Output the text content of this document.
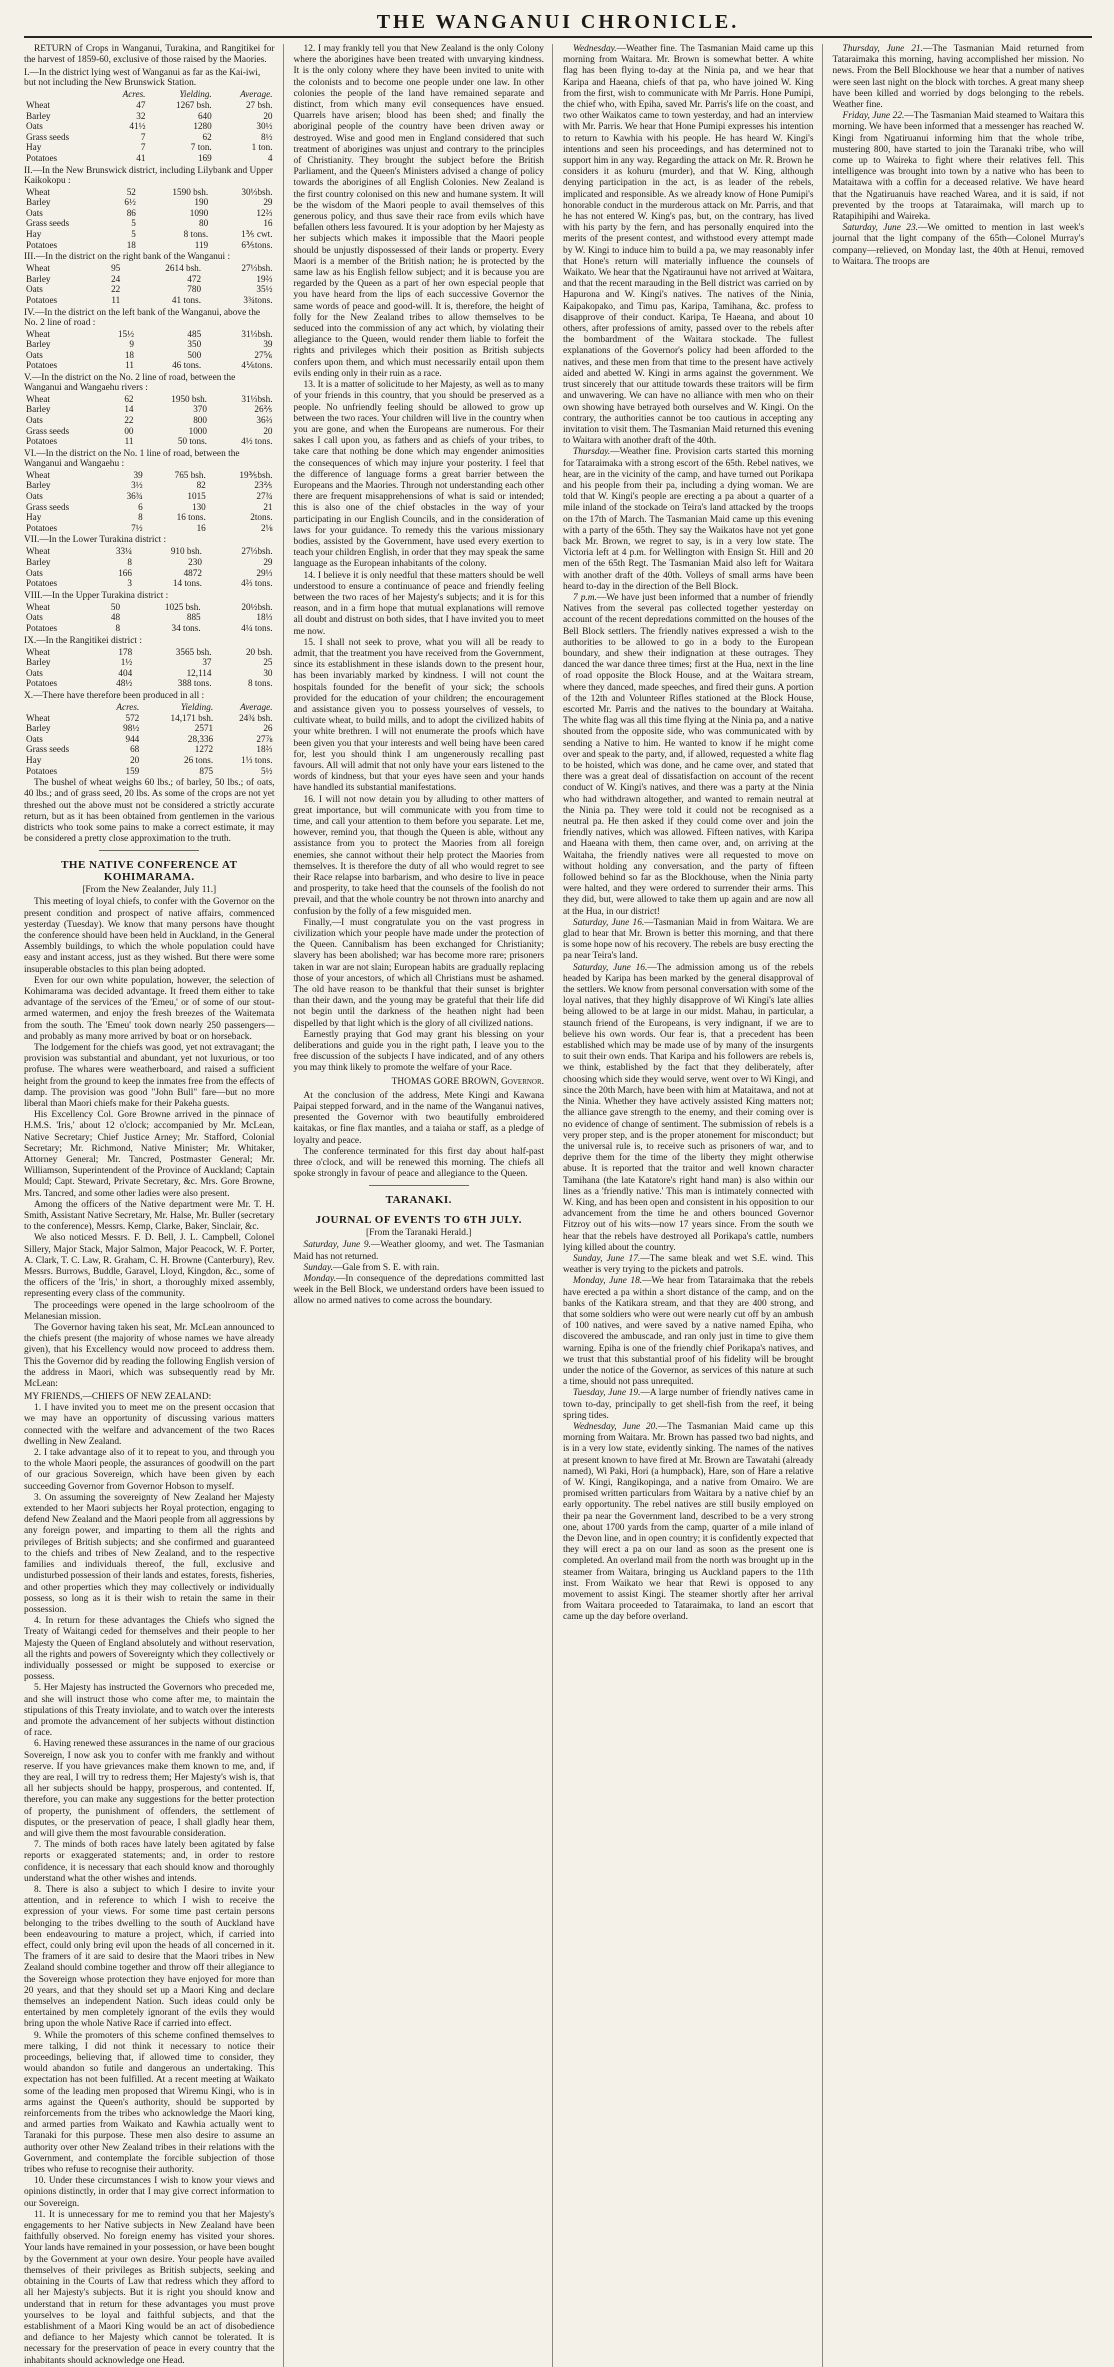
THE WANGANUI CHRONICLE.

RETURN of Crops in Wanganui, Turakina, and Rangitikei for the harvest of 1859-60, exclusive of those raised by the Maories.

I.—In the district lying west of Wanganui as far as the Kai-iwi, but not including the New Brunswick Station.
	Acres.	Yielding.	Average.
Wheat	47	1267 bsh.	27 bsh.
Barley	32	640	20
Oats	41½	1280	30½
Grass seeds	7	62	8½
Hay	7	7 ton.	1 ton.
Potatoes	41	169	4
II.—In the New Brunswick district, including Lilybank and Upper Kaikokopu :
Wheat	52	1590 bsh.	30⅓bsh.
Barley	6½	190	29
Oats	86	1090	12⅔
Grass seeds	5	80	16
Hay	5	8 tons.	1⅗ cwt.
Potatoes	18	119	6⅗tons.
III.—In the district on the right bank of the Wanganui :
Wheat	95	2614 bsh.	27⅓bsh.
Barley	24	472	19⅔
Oats	22	780	35½
Potatoes	11	41 tons.	3¾tons.
IV.—In the district on the left bank of the Wanganui, above the No. 2 line of road :
Wheat	15½	485	31⅓bsh.
Barley	9	350	39
Oats	18	500	27⅚
Potatoes	11	46 tons.	4⅙tons.
V.—In the district on the No. 2 line of road, between the Wanganui and Wangaehu rivers :
Wheat	62	1950 bsh.	31⅓bsh.
Barley	14	370	26⅖
Oats	22	800	36⅔
Grass seeds	00	1000	20
Potatoes	11	50 tons.	4½ tons.
VI.—In the district on the No. 1 line of road, between the Wanganui and Wangaehu :
Wheat	39	765 bsh.	19⅗bsh.
Barley	3½	82	23⅖
Oats	36¾	1015	27¾
Grass seeds	6	130	21
Hay	8	16 tons.	2tons.
Potatoes	7½	16	2⅛
VII.—In the Lower Turakina district :
Wheat	33¼	910 bsh.	27⅓bsh.
Barley	8	230	29
Oats	166	4872	29⅓
Potatoes	3	14 tons.	4⅔ tons.
VIII.—In the Upper Turakina district :
Wheat	50	1025 bsh.	20½bsh.
Oats	48	885	18⅓
Potatoes	8	34 tons.	4¼ tons.
IX.—In the Rangitikei district :
Wheat	178	3565 bsh.	20 bsh.
Barley	1½	37	25
Oats	404	12,114	30
Potatoes	48½	388 tons.	8 tons.
X.—There have therefore been produced in all :
	Acres.	Yielding.	Average.
Wheat	572	14,171 bsh.	24¾ bsh.
Barley	98½	2571	26
Oats	944	28,336	27⅞
Grass seeds	68	1272	18⅔
Hay	20	26 tons.	1⅓ tons.
Potatoes	159	875	5½

The bushel of wheat weighs 60 lbs.; of barley, 50 lbs.; of oats, 40 lbs.; and of grass seed, 20 lbs. As some of the crops are not yet threshed out the above must not be considered a strictly accurate return, but as it has been obtained from gentlemen in the various districts who took some pains to make a correct estimate, it may be considered a pretty close approximation to the truth.

THE NATIVE CONFERENCE AT KOHIMARAMA.
[From the New Zealander, July 11.]

This meeting of loyal chiefs, to confer with the Governor on the present condition and prospect of native affairs, commenced yesterday (Tuesday). We know that many persons have thought the conference should have been held in Auckland, in the General Assembly buildings, to which the whole population could have easy and instant access, just as they wished. But there were some insuperable obstacles to this plan being adopted.

Even for our own white population, however, the selection of Kohimarama was decided advantage. It freed them either to take advantage of the services of the 'Emeu,' or of some of our stout-armed watermen, and enjoy the fresh breezes of the Waitemata from the south. The 'Emeu' took down nearly 250 passengers—and probably as many more arrived by boat or on horseback.

The lodgement for the chiefs was good, yet not extravagant; the provision was substantial and abundant, yet not luxurious, or too profuse. The whares were weatherboard, and raised a sufficient height from the ground to keep the inmates free from the effects of damp. The provision was good "John Bull" fare—but no more liberal than Maori chiefs make for their Pakeha guests.

His Excellency Col. Gore Browne arrived in the pinnace of H.M.S. 'Iris,' about 12 o'clock; accompanied by Mr. McLean, Native Secretary; Chief Justice Arney; Mr. Stafford, Colonial Secretary; Mr. Richmond, Native Minister; Mr. Whitaker, Attorney General; Mr. Tancred, Postmaster General; Mr. Williamson, Superintendent of the Province of Auckland; Captain Mould; Capt. Steward, Private Secretary, &c. Mrs. Gore Browne, Mrs. Tancred, and some other ladies were also present.

Among the officers of the Native department were Mr. T. H. Smith, Assistant Native Secretary, Mr. Halse, Mr. Buller (secretary to the conference), Messrs. Kemp, Clarke, Baker, Sinclair, &c.

We also noticed Messrs. F. D. Bell, J. L. Campbell, Colonel Sillery, Major Stack, Major Salmon, Major Peacock, W. F. Porter, A. Clark, T. C. Law, R. Graham, C. H. Browne (Canterbury), Rev. Messrs. Burrows, Buddle, Garavel, Lloyd, Kingdon, &c., some of the officers of the 'Iris,' in short, a thoroughly mixed assembly, representing every class of the community.

The proceedings were opened in the large schoolroom of the Melanesian mission.

The Governor having taken his seat, Mr. McLean announced to the chiefs present (the majority of whose names we have already given), that his Excellency would now proceed to address them. This the Governor did by reading the following English version of the address in Maori, which was subsequently read by Mr. McLean:

MY FRIENDS,—CHIEFS OF NEW ZEALAND:

1. I have invited you to meet me on the present occasion that we may have an opportunity of discussing various matters connected with the welfare and advancement of the two Races dwelling in New Zealand.

2. I take advantage also of it to repeat to you, and through you to the whole Maori people, the assurances of goodwill on the part of our gracious Sovereign, which have been given by each succeeding Governor from Governor Hobson to myself.

3. On assuming the sovereignty of New Zealand her Majesty extended to her Maori subjects her Royal protection, engaging to defend New Zealand and the Maori people from all aggressions by any foreign power, and imparting to them all the rights and privileges of British subjects; and she confirmed and guaranteed to the chiefs and tribes of New Zealand, and to the respective families and individuals thereof, the full, exclusive and undisturbed possession of their lands and estates, forests, fisheries, and other properties which they may collectively or individually possess, so long as it is their wish to retain the same in their possession.

4. In return for these advantages the Chiefs who signed the Treaty of Waitangi ceded for themselves and their people to her Majesty the Queen of England absolutely and without reservation, all the rights and powers of Sovereignty which they collectively or individually possessed or might be supposed to exercise or possess.

5. Her Majesty has instructed the Governors who preceded me, and she will instruct those who come after me, to maintain the stipulations of this Treaty inviolate, and to watch over the interests and promote the advancement of her subjects without distinction of race.

6. Having renewed these assurances in the name of our gracious Sovereign, I now ask you to confer with me frankly and without reserve. If you have grievances make them known to me, and, if they are real, I will try to redress them; Her Majesty's wish is, that all her subjects should be happy, prosperous, and contented. If, therefore, you can make any suggestions for the better protection of property, the punishment of offenders, the settlement of disputes, or the preservation of peace, I shall gladly hear them, and will give them the most favourable consideration.

7. The minds of both races have lately been agitated by false reports or exaggerated statements; and, in order to restore confidence, it is necessary that each should know and thoroughly understand what the other wishes and intends.

8. There is also a subject to which I desire to invite your attention, and in reference to which I wish to receive the expression of your views. For some time past certain persons belonging to the tribes dwelling to the south of Auckland have been endeavouring to mature a project, which, if carried into effect, could only bring evil upon the heads of all concerned in it. The framers of it are said to desire that the Maori tribes in New Zealand should combine together and throw off their allegiance to the Sovereign whose protection they have enjoyed for more than 20 years, and that they should set up a Maori King and declare themselves an independent Nation. Such ideas could only be entertained by men completely ignorant of the evils they would bring upon the whole Native Race if carried into effect.

9. While the promoters of this scheme confined themselves to mere talking, I did not think it necessary to notice their proceedings, believing that, if allowed time to consider, they would abandon so futile and dangerous an undertaking. This expectation has not been fulfilled. At a recent meeting at Waikato some of the leading men proposed that Wiremu Kingi, who is in arms against the Queen's authority, should be supported by reinforcements from the tribes who acknowledge the Maori king, and armed parties from Waikato and Kawhia actually went to Taranaki for this purpose. These men also desire to assume an authority over other New Zealand tribes in their relations with the Government, and contemplate the forcible subjection of those tribes who refuse to recognise their authority.

10. Under these circumstances I wish to know your views and opinions distinctly, in order that I may give correct information to our Sovereign.

11. It is unnecessary for me to remind you that her Majesty's engagements to her Native subjects in New Zealand have been faithfully observed. No foreign enemy has visited your shores. Your lands have remained in your possession, or have been bought by the Government at your own desire. Your people have availed themselves of their privileges as British subjects, seeking and obtaining in the Courts of Law that redress which they afford to all her Majesty's subjects. But it is right you should know and understand that in return for these advantages you must prove yourselves to be loyal and faithful subjects, and that the establishment of a Maori King would be an act of disobedience and defiance to her Majesty which cannot be tolerated. It is necessary for the preservation of peace in every country that the inhabitants should acknowledge one Head.

12. I may frankly tell you that New Zealand is the only Colony where the aborigines have been treated with unvarying kindness. It is the only colony where they have been invited to unite with the colonists and to become one people under one law. In other colonies the people of the land have remained separate and distinct, from which many evil consequences have ensued. Quarrels have arisen; blood has been shed; and finally the aboriginal people of the country have been driven away or destroyed. Wise and good men in England considered that such treatment of aborigines was unjust and contrary to the principles of Christianity. They brought the subject before the British Parliament, and the Queen's Ministers advised a change of policy towards the aborigines of all English Colonies. New Zealand is the first country colonised on this new and humane system. It will be the wisdom of the Maori people to avail themselves of this generous policy, and thus save their race from evils which have befallen others less favoured. It is your adoption by her Majesty as her subjects which makes it impossible that the Maori people should be unjustly dispossessed of their lands or property. Every Maori is a member of the British nation; he is protected by the same law as his English fellow subject; and it is because you are regarded by the Queen as a part of her own especial people that you have heard from the lips of each successive Governor the same words of peace and good-will. It is, therefore, the height of folly for the New Zealand tribes to allow themselves to be seduced into the commission of any act which, by violating their allegiance to the Queen, would render them liable to forfeit the rights and privileges which their position as British subjects confers upon them, and which must necessarily entail upon them evils ending only in their ruin as a race.

13. It is a matter of solicitude to her Majesty, as well as to many of your friends in this country, that you should be preserved as a people. No unfriendly feeling should be allowed to grow up between the two races. Your children will live in the country when you are gone, and when the Europeans are numerous. For their sakes I call upon you, as fathers and as chiefs of your tribes, to take care that nothing be done which may engender animosities the consequences of which may injure your posterity. I feel that the difference of language forms a great barrier between the Europeans and the Maories. Through not understanding each other there are frequent misapprehensions of what is said or intended; this is also one of the chief obstacles in the way of your participating in our English Councils, and in the consideration of laws for your guidance. To remedy this the various missionary bodies, assisted by the Government, have used every exertion to teach your children English, in order that they may speak the same language as the European inhabitants of the colony.

14. I believe it is only needful that these matters should be well understood to ensure a continuance of peace and friendly feeling between the two races of her Majesty's subjects; and it is for this reason, and in a firm hope that mutual explanations will remove all doubt and distrust on both sides, that I have invited you to meet me now.

15. I shall not seek to prove, what you will all be ready to admit, that the treatment you have received from the Government, since its establishment in these islands down to the present hour, has been invariably marked by kindness. I will not count the hospitals founded for the benefit of your sick; the schools provided for the education of your children; the encouragement and assistance given you to possess yourselves of vessels, to cultivate wheat, to build mills, and to adopt the civilized habits of your white brethren. I will not enumerate the proofs which have been given you that your interests and well being have been cared for, lest you should think I am ungenerously recalling past favours. All will admit that not only have your ears listened to the words of kindness, but that your eyes have seen and your hands have handled its substantial manifestations.

16. I will not now detain you by alluding to other matters of great importance, but will communicate with you from time to time, and call your attention to them before you separate. Let me, however, remind you, that though the Queen is able, without any assistance from you to protect the Maories from all foreign enemies, she cannot without their help protect the Maories from themselves. It is therefore the duty of all who would regret to see their Race relapse into barbarism, and who desire to live in peace and prosperity, to take heed that the counsels of the foolish do not prevail, and that the whole country be not thrown into anarchy and confusion by the folly of a few misguided men.

Finally,—I must congratulate you on the vast progress in civilization which your people have made under the protection of the Queen. Cannibalism has been exchanged for Christianity; slavery has been abolished; war has become more rare; prisoners taken in war are not slain; European habits are gradually replacing those of your ancestors, of which all Christians must be ashamed. The old have reason to be thankful that their sunset is brighter than their dawn, and the young may be grateful that their life did not begin until the darkness of the heathen night had been dispelled by that light which is the glory of all civilized nations.

Earnestly praying that God may grant his blessing on your deliberations and guide you in the right path, I leave you to the free discussion of the subjects I have indicated, and of any others you may think likely to promote the welfare of your Race.

THOMAS GORE BROWN, Governor.

At the conclusion of the address, Mete Kingi and Kawana Paipai stepped forward, and in the name of the Wanganui natives, presented the Governor with two beautifully embroidered kaitakas, or fine flax mantles, and a taiaha or staff, as a pledge of loyalty and peace.

The conference terminated for this first day about half-past three o'clock, and will be renewed this morning. The chiefs all spoke strongly in favour of peace and allegiance to the Queen.

TARANAKI.
JOURNAL OF EVENTS TO 6TH JULY.
[From the Taranaki Herald.]

Saturday, June 9.—Weather gloomy, and wet. The Tasmanian Maid has not returned.

Sunday.—Gale from S. E. with rain.

Monday.—In consequence of the depredations committed last week in the Bell Block, we understand orders have been issued to allow no armed natives to come across the boundary.

Wednesday.—Weather fine. The Tasmanian Maid came up this morning from Waitara. Mr. Brown is somewhat better. A white flag has been flying to-day at the Ninia pa, and we hear that Karipa and Haeana, chiefs of that pa, who have joined W. King from the first, wish to communicate with Mr Parris. Hone Pumipi, the chief who, with Epiha, saved Mr. Parris's life on the coast, and two other Waikatos came to town yesterday, and had an interview with Mr. Parris. We hear that Hone Pumipi expresses his intention to return to Kawhia with his people. He has heard W. Kingi's intentions and seen his proceedings, and has determined not to support him in any way. Regarding the attack on Mr. R. Brown he considers it as kohuru (murder), and that W. King, although denying participation in the act, is as leader of the rebels, implicated and responsible. As we already know of Hone Pumipi's honorable conduct in the murderous attack on Mr. Parris, and that he has not entered W. King's pas, but, on the contrary, has lived with his party by the fern, and has personally enquired into the merits of the present contest, and withstood every attempt made by W. Kingi to induce him to build a pa, we may reasonably infer that Hone's return will materially influence the counsels of Waikato. We hear that the Ngatiraunui have not arrived at Waitara, and that the recent marauding in the Bell district was carried on by Hapurona and W. Kingi's natives. The natives of the Ninia, Kaipakopako, and Timu pas, Karipa, Tamihana, &c. profess to disapprove of their conduct. Karipa, Te Haeana, and about 10 others, after professions of amity, passed over to the rebels after the bombardment of the Waitara stockade. The fullest explanations of the Governor's policy had been afforded to the natives, and these men from that time to the present have actively aided and abetted W. Kingi in arms against the government. We trust sincerely that our attitude towards these traitors will be firm and unwavering. We can have no alliance with men who on their own showing have betrayed both ourselves and W. Kingi. On the contrary, the authorities cannot be too cautious in accepting any invitation to visit them. The Tasmanian Maid returned this evening to Waitara with another draft of the 40th.

Thursday.—Weather fine. Provision carts started this morning for Tataraimaka with a strong escort of the 65th. Rebel natives, we hear, are in the vicinity of the camp, and have turned out Porikapa and his people from their pa, including a dying woman. We are told that W. Kingi's people are erecting a pa about a quarter of a mile inland of the stockade on Teira's land attacked by the troops on the 17th of March. The Tasmanian Maid came up this evening with a party of the 65th. They say the Waikatos have not yet gone back Mr. Brown, we regret to say, is in a very low state. The Victoria left at 4 p.m. for Wellington with Ensign St. Hill and 20 men of the 65th Regt. The Tasmanian Maid also left for Waitara with another draft of the 40th. Volleys of small arms have been heard to-day in the direction of the Bell Block.

7 p.m.—We have just been informed that a number of friendly Natives from the several pas collected together yesterday on account of the recent depredations committed on the houses of the Bell Block settlers. The friendly natives expressed a wish to the authorities to be allowed to go in a body to the European boundary, and shew their indignation at these outrages. They danced the war dance three times; first at the Hua, next in the line of road opposite the Block House, and at the Waitara stream, where they danced, made speeches, and fired their guns. A portion of the 12th and Volunteer Rifles stationed at the Block House, escorted Mr. Parris and the natives to the boundary at Waitaha. The white flag was all this time flying at the Ninia pa, and a native shouted from the opposite side, who was communicated with by sending a Native to him. He wanted to know if he might come over and speak to the party, and, if allowed, requested a white flag to be hoisted, which was done, and he came over, and stated that there was a great deal of dissatisfaction on account of the recent conduct of W. Kingi's natives, and there was a party at the Ninia who had withdrawn altogether, and wanted to remain neutral at the Ninia pa. They were told it could not be recognised as a neutral pa. He then asked if they could come over and join the friendly natives, which was allowed. Fifteen natives, with Karipa and Haeana with them, then came over, and, on arriving at the Waitaha, the friendly natives were all requested to move on without holding any conversation, and the party of fifteen followed behind so far as the Blockhouse, when the Ninia party were halted, and they were ordered to surrender their arms. This they did, but, were allowed to take them up again and are now all at the Hua, in our district!

Saturday, June 16.—Tasmanian Maid in from Waitara. We are glad to hear that Mr. Brown is better this morning, and that there is some hope now of his recovery. The rebels are busy erecting the pa near Teira's land.

Saturday, June 16.—The admission among us of the rebels headed by Karipa has been marked by the general disapproval of the settlers. We know from personal conversation with some of the loyal natives, that they highly disapprove of Wi Kingi's late allies being allowed to be at large in our midst. Mahau, in particular, a staunch friend of the Europeans, is very indignant, if we are to believe his own words. Our fear is, that a precedent has been established which may be made use of by many of the insurgents to suit their own ends. That Karipa and his followers are rebels is, we think, established by the fact that they deliberately, after choosing which side they would serve, went over to Wi Kingi, and since the 20th March, have been with him at Mataitawa, and not at the Ninia. Whether they have actively assisted King matters not; the alliance gave strength to the enemy, and their coming over is no evidence of change of sentiment. The submission of rebels is a very proper step, and is the proper atonement for misconduct; but the universal rule is, to receive such as prisoners of war, and to deprive them for the time of the liberty they might otherwise abuse. It is reported that the traitor and well known character Tamihana (the late Katatore's right hand man) is also within our lines as a 'friendly native.' This man is intimately connected with W. King, and has been open and consistent in his opposition to our advancement from the time he and others bounced Governor Fitzroy out of his wits—now 17 years since. From the south we hear that the rebels have destroyed all Porikapa's cattle, numbers lying killed about the country.

Sunday, June 17.—The same bleak and wet S.E. wind. This weather is very trying to the pickets and patrols.

Monday, June 18.—We hear from Tataraimaka that the rebels have erected a pa within a short distance of the camp, and on the banks of the Katikara stream, and that they are 400 strong, and that some soldiers who were out were nearly cut off by an ambush of 100 natives, and were saved by a native named Epiha, who discovered the ambuscade, and ran only just in time to give them warning. Epiha is one of the friendly chief Porikapa's natives, and we trust that this substantial proof of his fidelity will be brought under the notice of the Governor, as services of this nature at such a time, should not pass unrequited.

Tuesday, June 19.—A large number of friendly natives came in town to-day, principally to get shell-fish from the reef, it being spring tides.

Wednesday, June 20.—The Tasmanian Maid came up this morning from Waitara. Mr. Brown has passed two bad nights, and is in a very low state, evidently sinking. The names of the natives at present known to have fired at Mr. Brown are Tawatahi (already named), Wi Paki, Hori (a humpback), Hare, son of Hare a relative of W. Kingi, Rangikopinga, and a native from Omairo. We are promised written particulars from Waitara by a native chief by an early opportunity. The rebel natives are still busily employed on their pa near the Government land, described to be a very strong one, about 1700 yards from the camp, quarter of a mile inland of the Devon line, and in open country; it is confidently expected that they will erect a pa on our land as soon as the present one is completed. An overland mail from the north was brought up in the steamer from Waitara, bringing us Auckland papers to the 11th inst. From Waikato we hear that Rewi is opposed to any movement to assist Kingi. The steamer shortly after her arrival from Waitara proceeded to Tataraimaka, to land an escort that came up the day before overland.

Thursday, June 21.—The Tasmanian Maid returned from Tataraimaka this morning, having accomplished her mission. No news. From the Bell Blockhouse we hear that a number of natives were seen last night on the block with torches. A great many sheep have been killed and worried by dogs belonging to the rebels. Weather fine.

Friday, June 22.—The Tasmanian Maid steamed to Waitara this morning. We have been informed that a messenger has reached W. Kingi from Ngatiruanui informing him that the whole tribe, mustering 800, have started to join the Taranaki tribe, who will come up to Waireka to fight where their relatives fell. This intelligence was brought into town by a native who has been to Mataitawa with a coffin for a deceased relative. We have heard that the Ngatiruanuis have reached Warea, and it is said, if not prevented by the troops at Tataraimaka, will march up to Ratapihipihi and Waireka.

Saturday, June 23.—We omitted to mention in last week's journal that the light company of the 65th—Colonel Murray's company—relieved, on Monday last, the 40th at Henui, removed to Waitara. The troops are
